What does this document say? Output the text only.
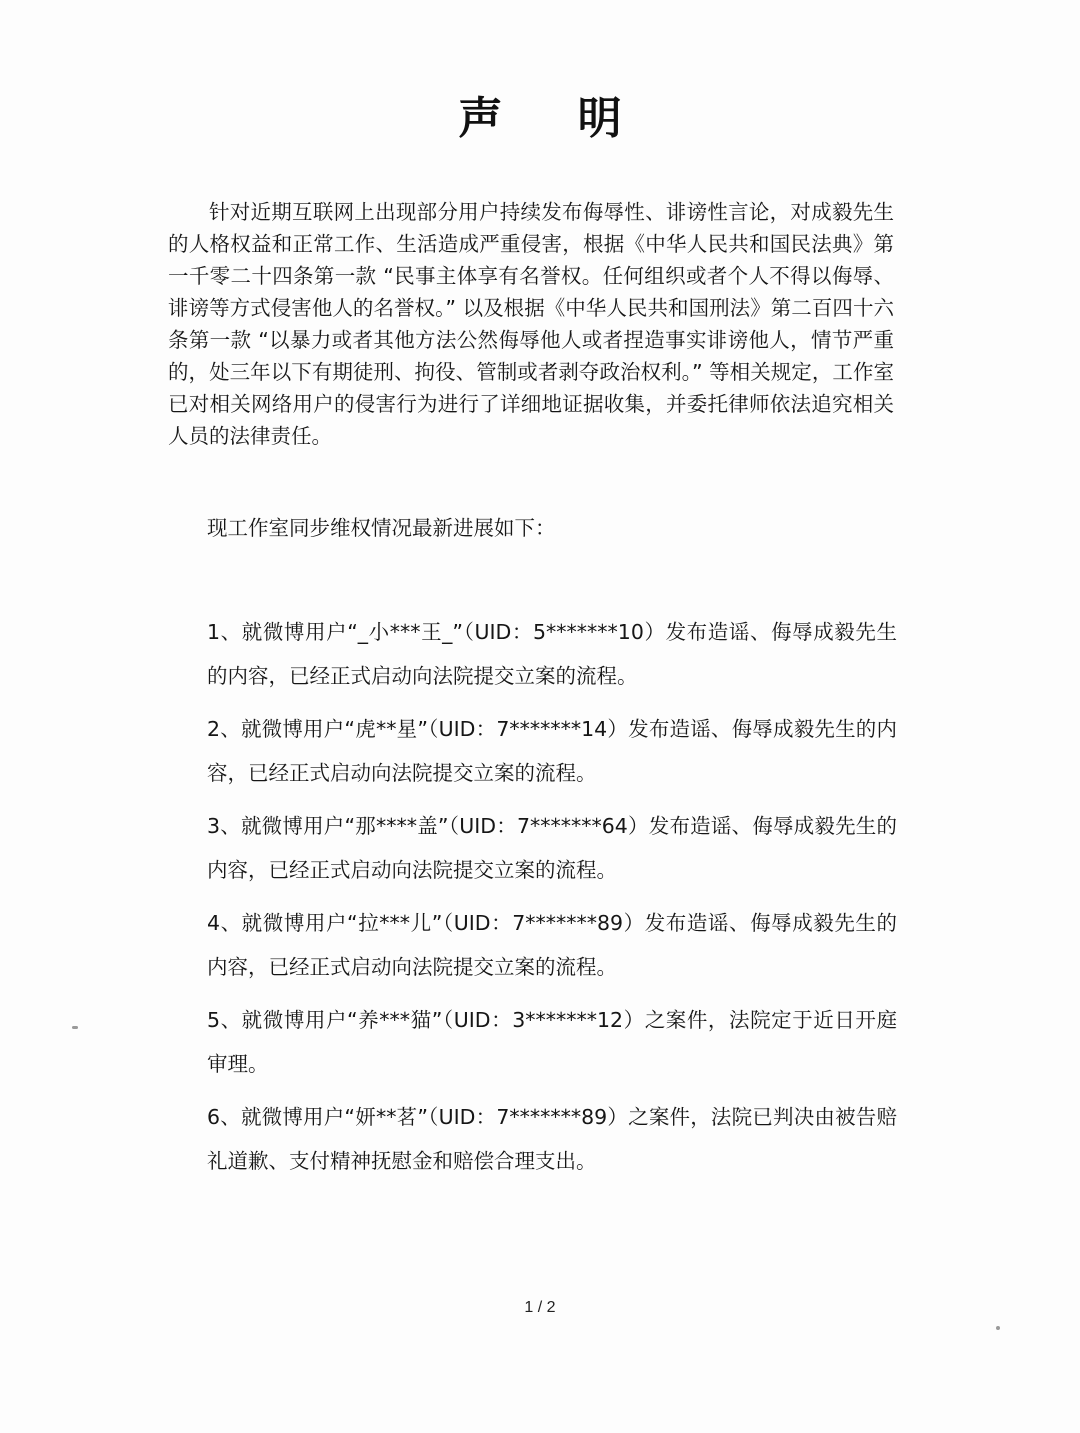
声 明

针对近期互联网上出现部分用户持续发布侮辱性、诽谤性言论，对成毅先生的人格权益和正常工作、生活造成严重侵害，根据《中华人民共和国民法典》第一千零二十四条第一款 “民事主体享有名誉权。任何组织或者个人不得以侮辱、诽谤等方式侵害他人的名誉权。” 以及根据《中华人民共和国刑法》第二百四十六条第一款 “以暴力或者其他方法公然侮辱他人或者捏造事实诽谤他人，情节严重的，处三年以下有期徒刑、拘役、管制或者剥夺政治权利。” 等相关规定，工作室已对相关网络用户的侵害行为进行了详细地证据收集，并委托律师依法追究相关人员的法律责任。

现工作室同步维权情况最新进展如下：

1、就微博用户“_小***王_”（UID：5*******10）发布造谣、侮辱成毅先生的内容，已经正式启动向法院提交立案的流程。
2、就微博用户“虎**星”（UID：7*******14）发布造谣、侮辱成毅先生的内容，已经正式启动向法院提交立案的流程。
3、就微博用户“那****盖”（UID：7*******64）发布造谣、侮辱成毅先生的内容，已经正式启动向法院提交立案的流程。
4、就微博用户“拉***儿”（UID：7*******89）发布造谣、侮辱成毅先生的内容，已经正式启动向法院提交立案的流程。
5、就微博用户“养***猫”（UID：3*******12）之案件，法院定于近日开庭审理。
6、就微博用户“妍**茗”（UID：7*******89）之案件，法院已判决由被告赔礼道歉、支付精神抚慰金和赔偿合理支出。
1 / 2
